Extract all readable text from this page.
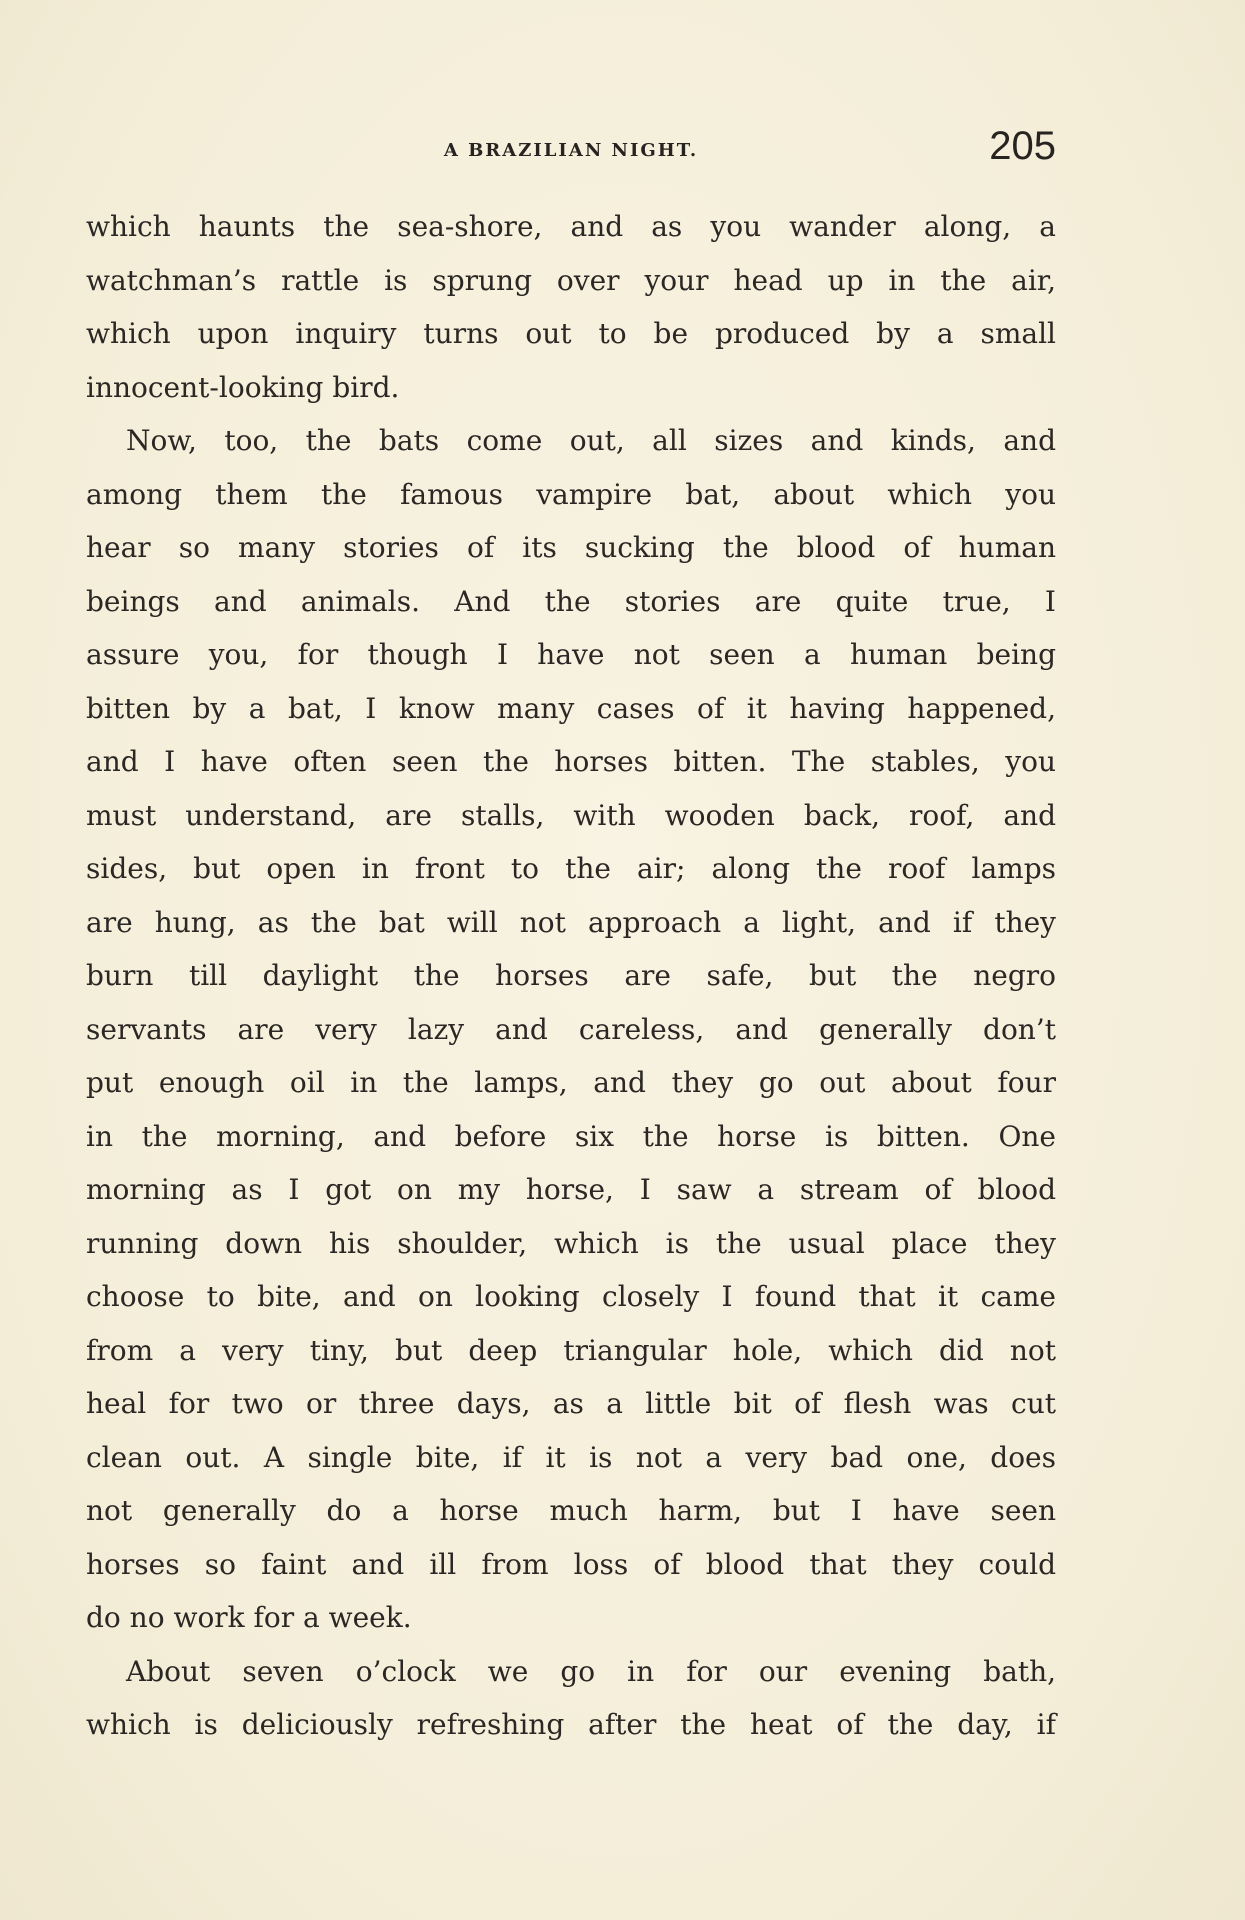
A BRAZILIAN NIGHT.	205
which haunts the sea-shore, and as you wander along, a
watchman’s rattle is sprung over your head up in the air,
which upon inquiry turns out to be produced by a small
innocent-looking bird.
Now, too, the bats come out, all sizes and kinds, and
among them the famous vampire bat, about which you
hear so many stories of its sucking the blood of human
beings and animals. And the stories are quite true, I
assure you, for though I have not seen a human being
bitten by a bat, I know many cases of it having happened,
and I have often seen the horses bitten. The stables, you
must understand, are stalls, with wooden back, roof, and
sides, but open in front to the air; along the roof lamps
are hung, as the bat will not approach a light, and if they
burn till daylight the horses are safe, but the negro
servants are very lazy and careless, and generally don’t
put enough oil in the lamps, and they go out about four
in the morning, and before six the horse is bitten. One
morning as I got on my horse, I saw a stream of blood
running down his shoulder, which is the usual place they
choose to bite, and on looking closely I found that it came
from a very tiny, but deep triangular hole, which did not
heal for two or three days, as a little bit of flesh was cut
clean out. A single bite, if it is not a very bad one, does
not generally do a horse much harm, but I have seen
horses so faint and ill from loss of blood that they could
do no work for a week.
About seven o’clock we go in for our evening bath,
which is deliciously refreshing after the heat of the day, if
